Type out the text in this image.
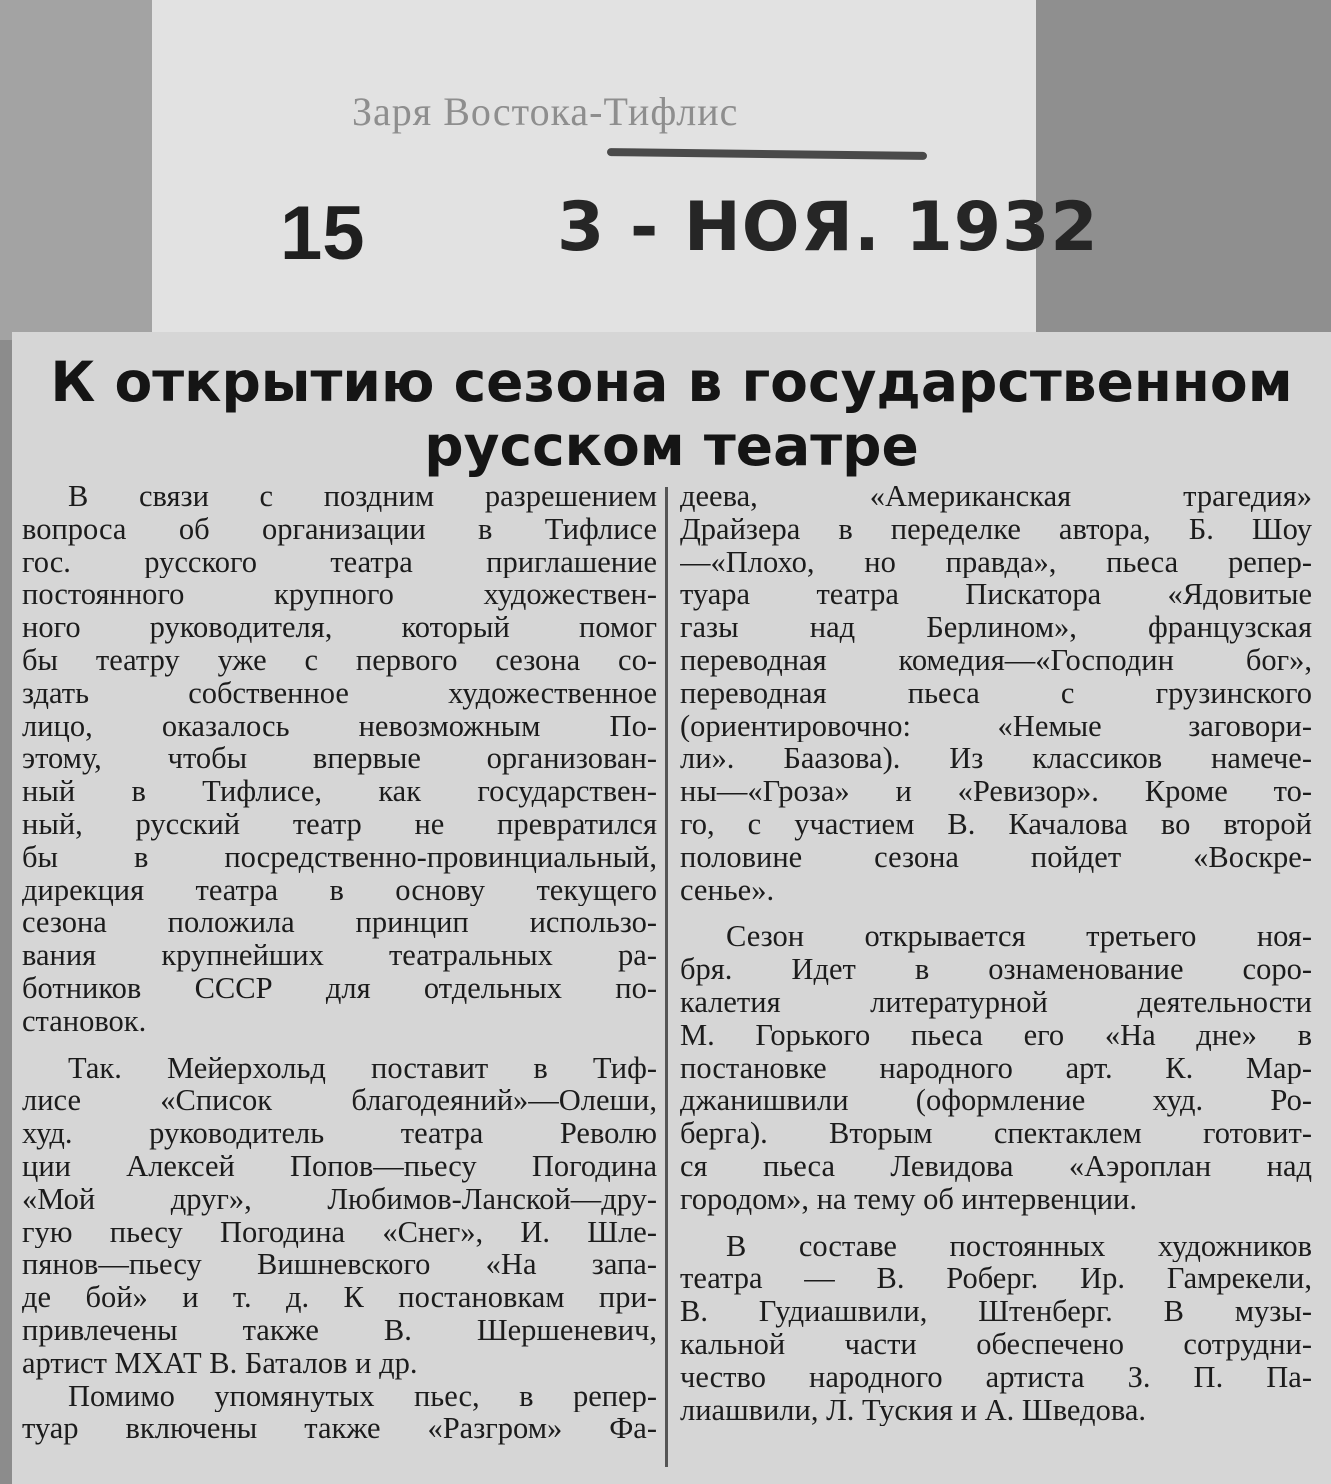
Заря Востока-Тифлис
15	3 - НОЯ. 1932
К открытию сезона в государственном
русском театре
В связи с поздним разрешением
вопроса об организации в Тифлисе
гос. русского театра приглашение
постоянного крупного художествен-
ного руководителя, который помог
бы театру уже с первого сезона со-
здать собственное художественное
лицо, оказалось невозможным По-
этому, чтобы впервые организован-
ный в Тифлисе, как государствен-
ный, русский театр не превратился
бы в посредственно-провинциальный,
дирекция театра в основу текущего
сезона положила принцип использо-
вания крупнейших театральных ра-
ботников СССР для отдельных по-
становок.
Так. Мейерхольд поставит в Тиф-
лисе «Список благодеяний»—Олеши,
худ. руководитель театра Револю
ции Алексей Попов—пьесу Погодина
«Мой друг», Любимов-Ланской—дру-
гую пьесу Погодина «Снег», И. Шле-
пянов—пьесу Вишневского «На запа-
де бой» и т. д. К постановкам при-
привлечены также В. Шершеневич,
артист МХАТ В. Баталов и др.
Помимо упомянутых пьес, в репер-
туар включены также «Разгром» Фа-
деева, «Американская трагедия»
Драйзера в переделке автора, Б. Шоу
—«Плохо, но правда», пьеса репер-
туара театра Пискатора «Ядовитые
газы над Берлином», французская
переводная комедия—«Господин бог»,
переводная пьеса с грузинского
(ориентировочно: «Немые заговори-
ли». Баазова). Из классиков намече-
ны—«Гроза» и «Ревизор». Кроме то-
го, с участием В. Качалова во второй
половине сезона пойдет «Воскре-
сенье».
Сезон открывается третьего ноя-
бря. Идет в ознаменование соро-
калетия литературной деятельности
М. Горького пьеса его «На дне» в
постановке народного арт. К. Мар-
джанишвили (оформление худ. Ро-
берга). Вторым спектаклем готовит-
ся пьеса Левидова «Аэроплан над
городом», на тему об интервенции.
В составе постоянных художников
театра — В. Роберг. Ир. Гамрекели,
В. Гудиашвили, Штенберг. В музы-
кальной части обеспечено сотрудни-
чество народного артиста З. П. Па-
лиашвили, Л. Туския и А. Шведова.
